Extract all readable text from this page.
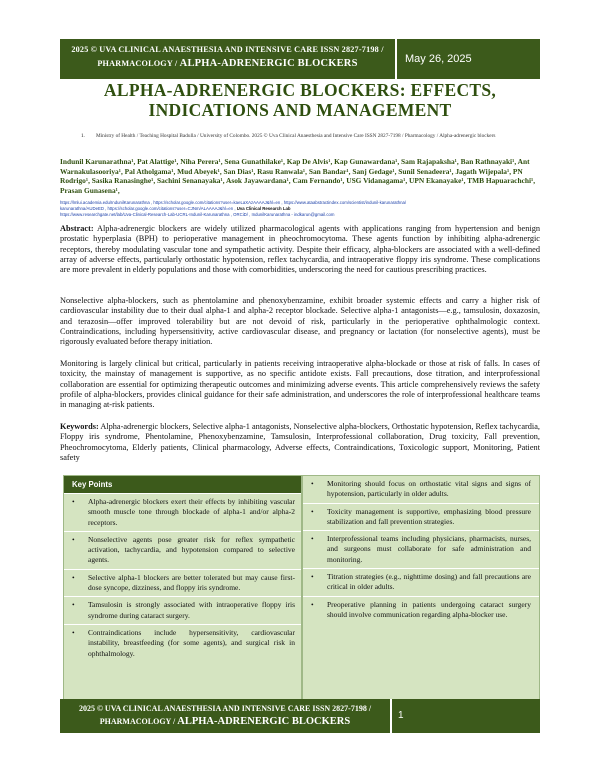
2025 © UVA CLINICAL ANAESTHESIA AND INTENSIVE CARE ISSN 2827-7198 /
PHARMACOLOGY / ALPHA-ADRENERGIC BLOCKERS	May 26, 2025
ALPHA-ADRENERGIC BLOCKERS: EFFECTS, INDICATIONS AND MANAGEMENT
1. Ministry of Health / Teaching Hospital Badulla / University of Colombo. 2025 © Uva Clinical Anaesthesia and Intensive Care ISSN 2827-7198 / Pharmacology / Alpha-adrenergic blockers
Indunil Karunarathna¹, Pat Alattige¹, Niha Perera¹, Sena Gunathilake¹, Kap De Alvis¹, Kap Gunawardana¹, Sam Rajapaksha¹, Ban Rathnayaki¹, Ant Warnakulasooriya¹, Pal Atholgama¹, Mud Abeyek¹, San Dias¹, Rasu Ranwala¹, San Bandar¹, Sanj Gedage¹, Sunil Senadeera¹, Jagath Wijepala¹, PN Rodrigo¹, Sasika Ranasinghe¹, Sachini Senanayaka¹, Asok Jayawardana¹, Cam Fernando¹, USG Vidanagama¹, UPN Ekanayake¹, TMB Hapuarachchi¹, Prasan Gunasena¹,
https://lmlui.academia.edu/IndunilKarunarathna , https://scholar.google.com/citations?user=kaeLaXAzAAAAJ&hl=en , https://www.ataabstractindex.com/scientist/indunil-karunarathna/
karunarathna/AUDeED , https://scholar.google.com/citations?user=CJNm/ALAAAAJ&hl=en , Uva Clinical Research Lab
https://www.researchgate.net/lab/Uva-Clinical-Research-Lab-UCRL-Indunil-Karunarathna , ORCiD/ , IndunilKarunarathna - indkarun@gmail.com

Abstract: Alpha-adrenergic blockers are widely utilized pharmacological agents with applications ranging from hypertension and benign prostatic hyperplasia (BPH) to perioperative management in pheochromocytoma. These agents function by inhibiting alpha-adrenergic receptors, thereby modulating vascular tone and sympathetic activity. Despite their efficacy, alpha-blockers are associated with a well-defined array of adverse effects, particularly orthostatic hypotension, reflex tachycardia, and intraoperative floppy iris syndrome. These complications are more prevalent in elderly populations and those with comorbidities, underscoring the need for cautious prescribing practices.

Nonselective alpha-blockers, such as phentolamine and phenoxybenzamine, exhibit broader systemic effects and carry a higher risk of cardiovascular instability due to their dual alpha-1 and alpha-2 receptor blockade. Selective alpha-1 antagonists—e.g., tamsulosin, doxazosin, and terazosin—offer improved tolerability but are not devoid of risk, particularly in the perioperative ophthalmologic context. Contraindications, including hypersensitivity, active cardiovascular disease, and pregnancy or lactation (for nonselective agents), must be rigorously evaluated before therapy initiation.

Monitoring is largely clinical but critical, particularly in patients receiving intraoperative alpha-blockade or those at risk of falls. In cases of toxicity, the mainstay of management is supportive, as no specific antidote exists. Fall precautions, dose titration, and interprofessional collaboration are essential for optimizing therapeutic outcomes and minimizing adverse events. This article comprehensively reviews the safety profile of alpha-blockers, provides clinical guidance for their safe administration, and underscores the role of interprofessional healthcare teams in managing at-risk patients.

Keywords: Alpha-adrenergic blockers, Selective alpha-1 antagonists, Nonselective alpha-blockers, Orthostatic hypotension, Reflex tachycardia, Floppy iris syndrome, Phentolamine, Phenoxybenzamine, Tamsulosin, Interprofessional collaboration, Drug toxicity, Fall prevention, Pheochromocytoma, Elderly patients, Clinical pharmacology, Adverse effects, Contraindications, Toxicologic support, Monitoring, Patient safety

Key Points
• Alpha-adrenergic blockers exert their effects by inhibiting vascular smooth muscle tone through blockade of alpha-1 and/or alpha-2 receptors.
• Nonselective agents pose greater risk for reflex sympathetic activation, tachycardia, and hypotension compared to selective agents.
• Selective alpha-1 blockers are better tolerated but may cause first-dose syncope, dizziness, and floppy iris syndrome.
• Tamsulosin is strongly associated with intraoperative floppy iris syndrome during cataract surgery.
• Contraindications include hypersensitivity, cardiovascular instability, breastfeeding (for some agents), and surgical risk in ophthalmology.
• Monitoring should focus on orthostatic vital signs and signs of hypotension, particularly in older adults.
• Toxicity management is supportive, emphasizing blood pressure stabilization and fall prevention strategies.
• Interprofessional teams including physicians, pharmacists, nurses, and surgeons must collaborate for safe administration and monitoring.
• Titration strategies (e.g., nighttime dosing) and fall precautions are critical in older adults.
• Preoperative planning in patients undergoing cataract surgery should involve communication regarding alpha-blocker use.
2025 © UVA CLINICAL ANAESTHESIA AND INTENSIVE CARE ISSN 2827-7198 /
PHARMACOLOGY / ALPHA-ADRENERGIC BLOCKERS
1
